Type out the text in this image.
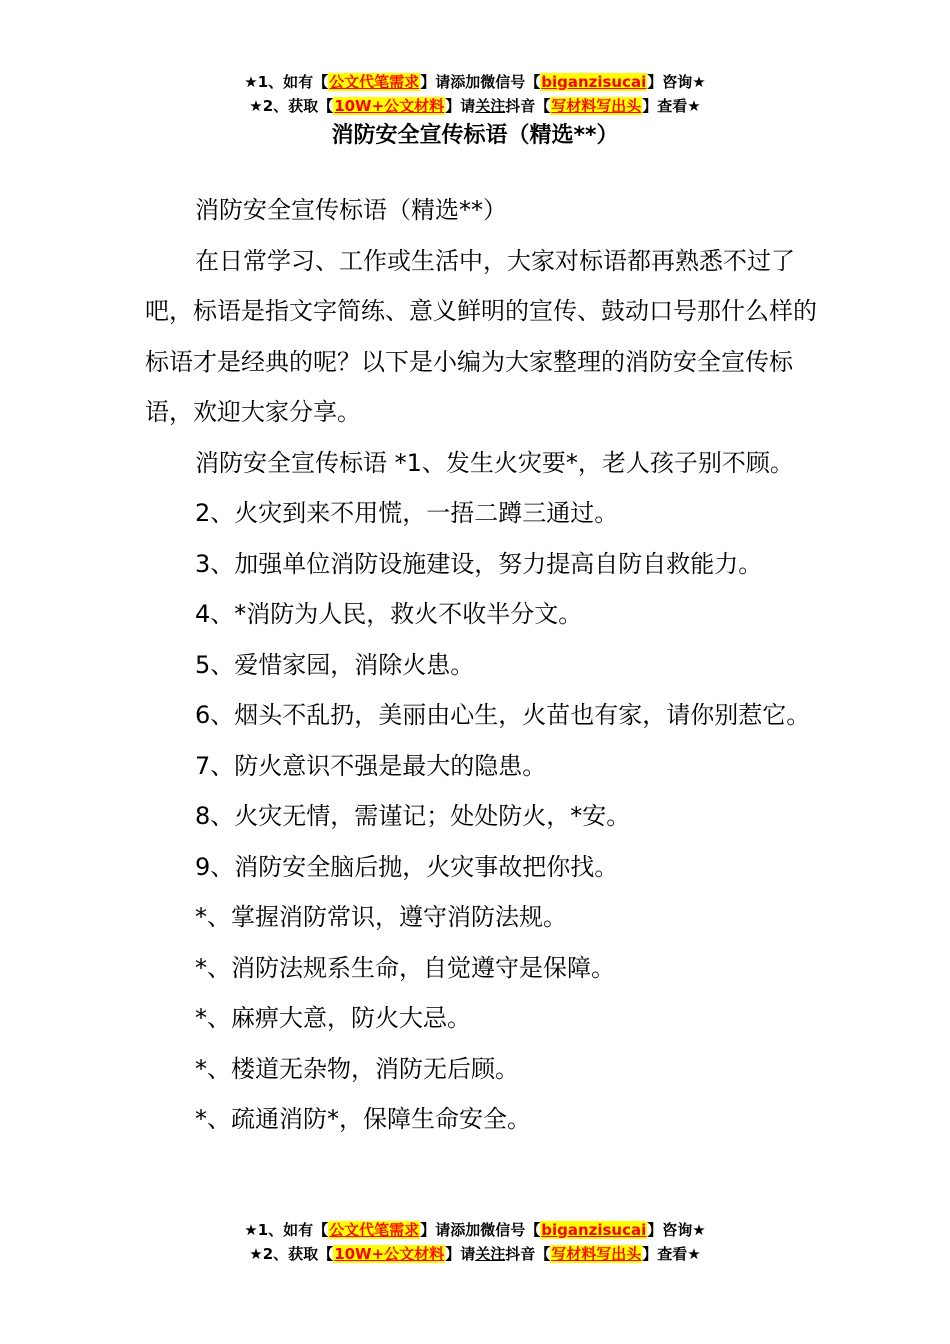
★1、如有【公文代笔需求】请添加微信号【biganzisucai】咨询★
★2、获取【10W+公文材料】请关注抖音【写材料写出头】查看★
消防安全宣传标语（精选**）

消防安全宣传标语（精选**）

在日常学习、工作或生活中，大家对标语都再熟悉不过了吧，标语是指文字简练、意义鲜明的宣传、鼓动口号那什么样的标语才是经典的呢？以下是小编为大家整理的消防安全宣传标语，欢迎大家分享。

消防安全宣传标语 *1、发生火灾要*，老人孩子别不顾。

2、火灾到来不用慌，一捂二蹲三通过。

3、加强单位消防设施建设，努力提高自防自救能力。

4、*消防为人民，救火不收半分文。

5、爱惜家园，消除火患。

6、烟头不乱扔，美丽由心生，火苗也有家，请你别惹它。

7、防火意识不强是最大的隐患。

8、火灾无情，需谨记；处处防火，*安。

9、消防安全脑后抛，火灾事故把你找。

*、掌握消防常识，遵守消防法规。

*、消防法规系生命，自觉遵守是保障。

*、麻痹大意，防火大忌。

*、楼道无杂物，消防无后顾。

*、疏通消防*，保障生命安全。

★1、如有【公文代笔需求】请添加微信号【biganzisucai】咨询★
★2、获取【10W+公文材料】请关注抖音【写材料写出头】查看★
